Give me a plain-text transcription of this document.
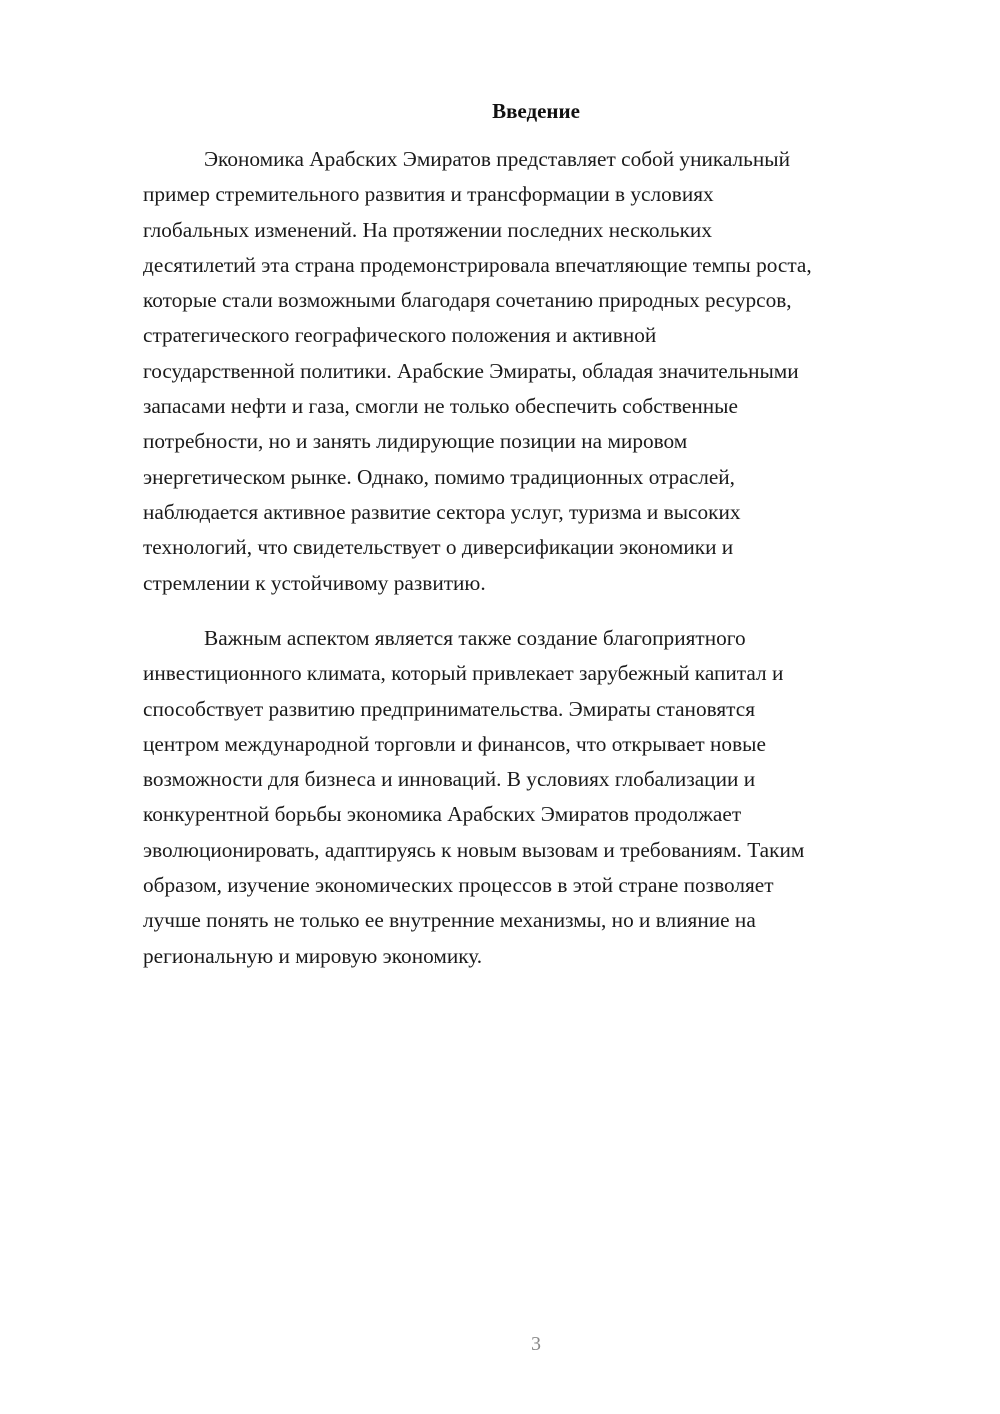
Введение
Экономика Арабских Эмиратов представляет собой уникальный
пример стремительного развития и трансформации в условиях
глобальных изменений. На протяжении последних нескольких
десятилетий эта страна продемонстрировала впечатляющие темпы роста,
которые стали возможными благодаря сочетанию природных ресурсов,
стратегического географического положения и активной
государственной политики. Арабские Эмираты, обладая значительными
запасами нефти и газа, смогли не только обеспечить собственные
потребности, но и занять лидирующие позиции на мировом
энергетическом рынке. Однако, помимо традиционных отраслей,
наблюдается активное развитие сектора услуг, туризма и высоких
технологий, что свидетельствует о диверсификации экономики и
стремлении к устойчивому развитию.
Важным аспектом является также создание благоприятного
инвестиционного климата, который привлекает зарубежный капитал и
способствует развитию предпринимательства. Эмираты становятся
центром международной торговли и финансов, что открывает новые
возможности для бизнеса и инноваций. В условиях глобализации и
конкурентной борьбы экономика Арабских Эмиратов продолжает
эволюционировать, адаптируясь к новым вызовам и требованиям. Таким
образом, изучение экономических процессов в этой стране позволяет
лучше понять не только ее внутренние механизмы, но и влияние на
региональную и мировую экономику.
3
